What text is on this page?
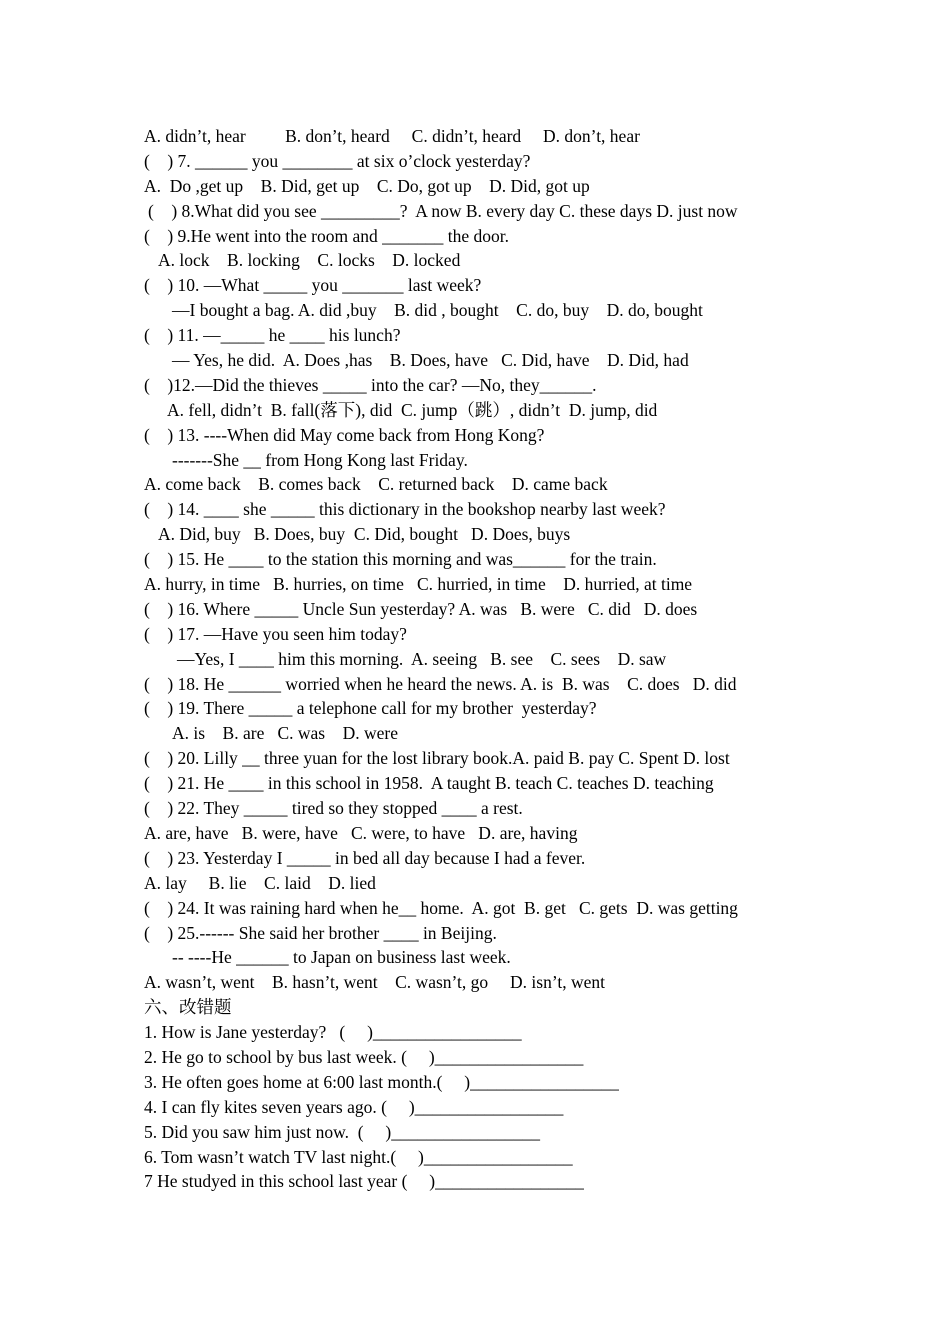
A. didn’t, hear         B. don’t, heard     C. didn’t, heard     D. don’t, hear
(    ) 7. ______ you ________ at six o’clock yesterday?
A.  Do ,get up    B. Did, get up    C. Do, got up    D. Did, got up
(    ) 8.What did you see _________?  A now B. every day C. these days D. just now
(    ) 9.He went into the room and _______ the door.
A. lock    B. locking    C. locks    D. locked
(    ) 10. —What _____ you _______ last week?
—I bought a bag. A. did ,buy    B. did , bought    C. do, buy    D. do, bought
(    ) 11. —_____ he ____ his lunch?
— Yes, he did.  A. Does ,has    B. Does, have   C. Did, have    D. Did, had
(    )12.—Did the thieves _____ into the car? —No, they______.
A. fell, didn’t  B. fall(落下), did  C. jump（跳）, didn’t  D. jump, did
(    ) 13. ----When did May come back from Hong Kong?
-------She __ from Hong Kong last Friday.
A. come back    B. comes back    C. returned back    D. came back
(    ) 14. ____ she _____ this dictionary in the bookshop nearby last week?
A. Did, buy   B. Does, buy  C. Did, bought   D. Does, buys
(    ) 15. He ____ to the station this morning and was______ for the train.
A. hurry, in time   B. hurries, on time   C. hurried, in time    D. hurried, at time
(    ) 16. Where _____ Uncle Sun yesterday? A. was   B. were   C. did   D. does
(    ) 17. —Have you seen him today?
—Yes, I ____ him this morning.  A. seeing   B. see    C. sees    D. saw
(    ) 18. He ______ worried when he heard the news. A. is  B. was    C. does   D. did
(    ) 19. There _____ a telephone call for my brother  yesterday?
A. is    B. are   C. was    D. were
(    ) 20. Lilly __ three yuan for the lost library book.A. paid B. pay C. Spent D. lost
(    ) 21. He ____ in this school in 1958.  A taught B. teach C. teaches D. teaching
(    ) 22. They _____ tired so they stopped ____ a rest.
A. are, have   B. were, have   C. were, to have   D. are, having
(    ) 23. Yesterday I _____ in bed all day because I had a fever.
A. lay     B. lie    C. laid    D. lied
(    ) 24. It was raining hard when he__ home.  A. got  B. get   C. gets  D. was getting
(    ) 25.------ She said her brother ____ in Beijing.
-- ----He ______ to Japan on business last week.
A. wasn’t, went    B. hasn’t, went    C. wasn’t, go     D. isn’t, went
六、改错题
1. How is Jane yesterday?   (     )_________________
2. He go to school by bus last week. (     )_________________
3. He often goes home at 6:00 last month.(     )_________________
4. I can fly kites seven years ago. (     )_________________
5. Did you saw him just now.  (     )_________________
6. Tom wasn’t watch TV last night.(     )_________________
7 He studyed in this school last year (     )_________________
